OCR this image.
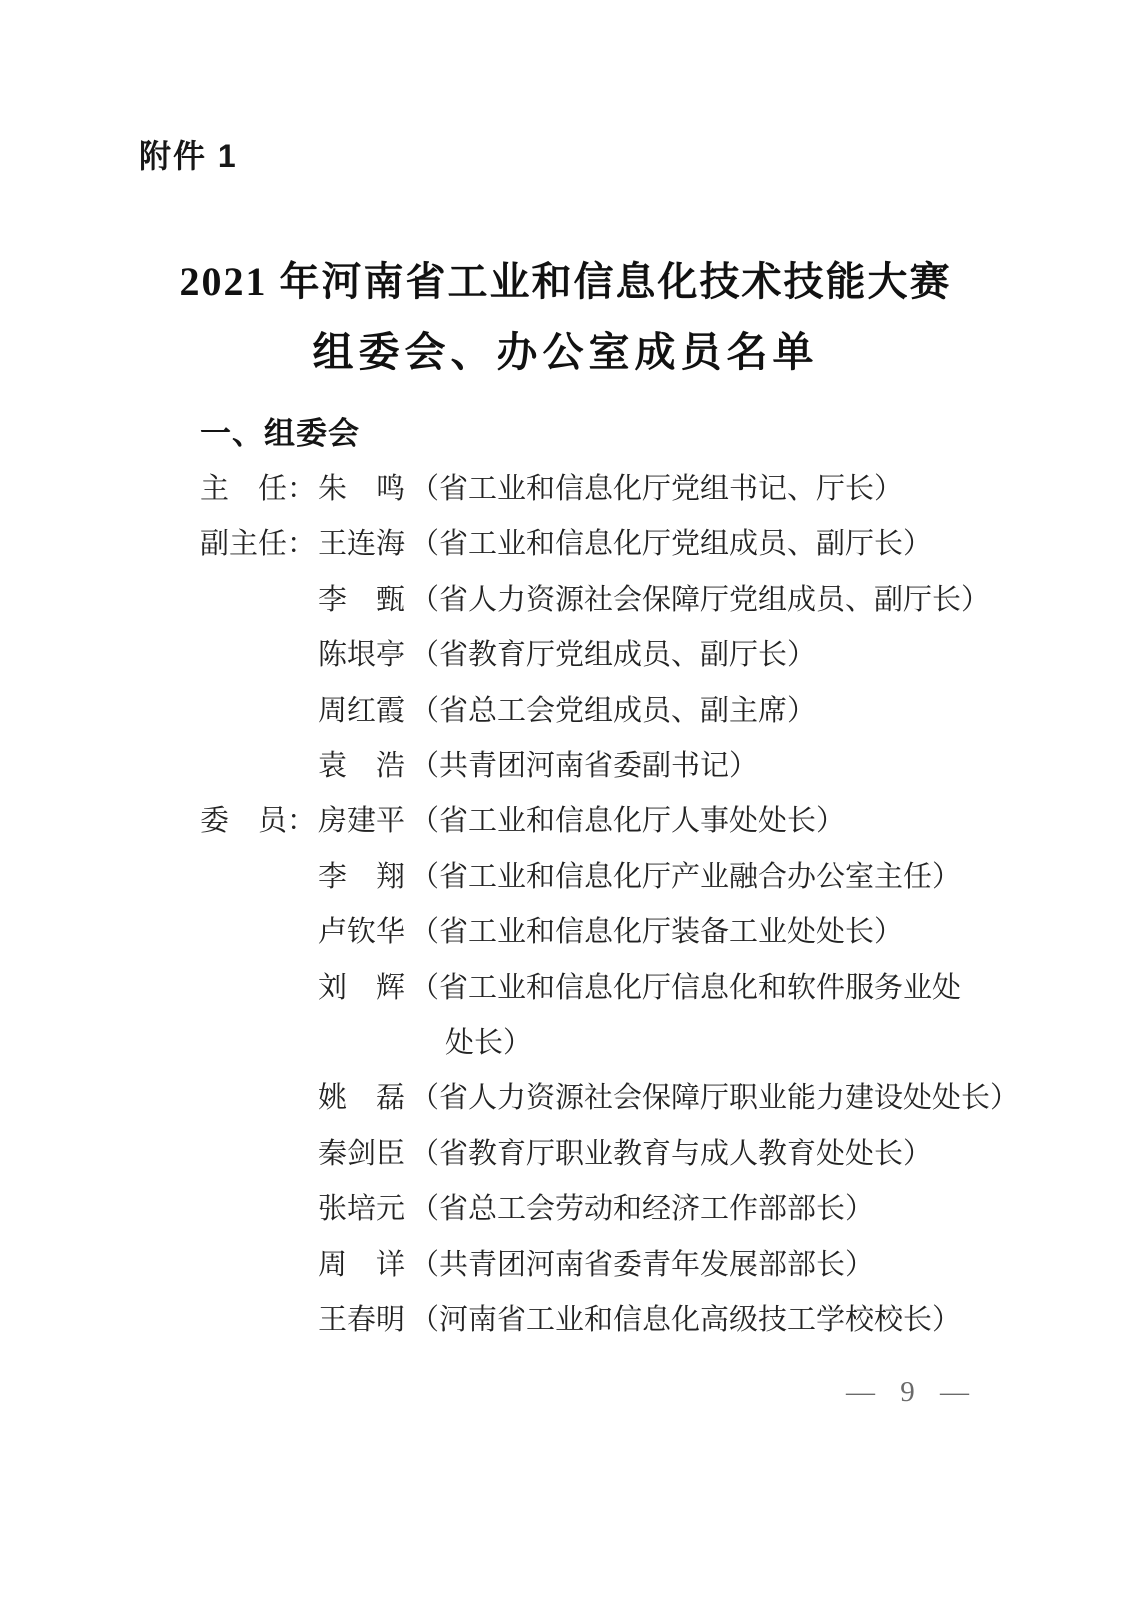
附件 1
2021 年河南省工业和信息化技术技能大赛
组委会、办公室成员名单
一、组委会
主　任：朱　鸣 （省工业和信息化厅党组书记、厅长）
副主任：王连海 （省工业和信息化厅党组成员、副厅长）
李　甄 （省人力资源社会保障厅党组成员、副厅长）
陈垠亭 （省教育厅党组成员、副厅长）
周红霞 （省总工会党组成员、副主席）
袁　浩 （共青团河南省委副书记）
委　员：房建平 （省工业和信息化厅人事处处长）
李　翔 （省工业和信息化厅产业融合办公室主任）
卢钦华 （省工业和信息化厅装备工业处处长）
刘　辉 （省工业和信息化厅信息化和软件服务业处
处长）
姚　磊 （省人力资源社会保障厅职业能力建设处处长）
秦剑臣 （省教育厅职业教育与成人教育处处长）
张培元 （省总工会劳动和经济工作部部长）
周　详 （共青团河南省委青年发展部部长）
王春明 （河南省工业和信息化高级技工学校校长）
— 9 —
